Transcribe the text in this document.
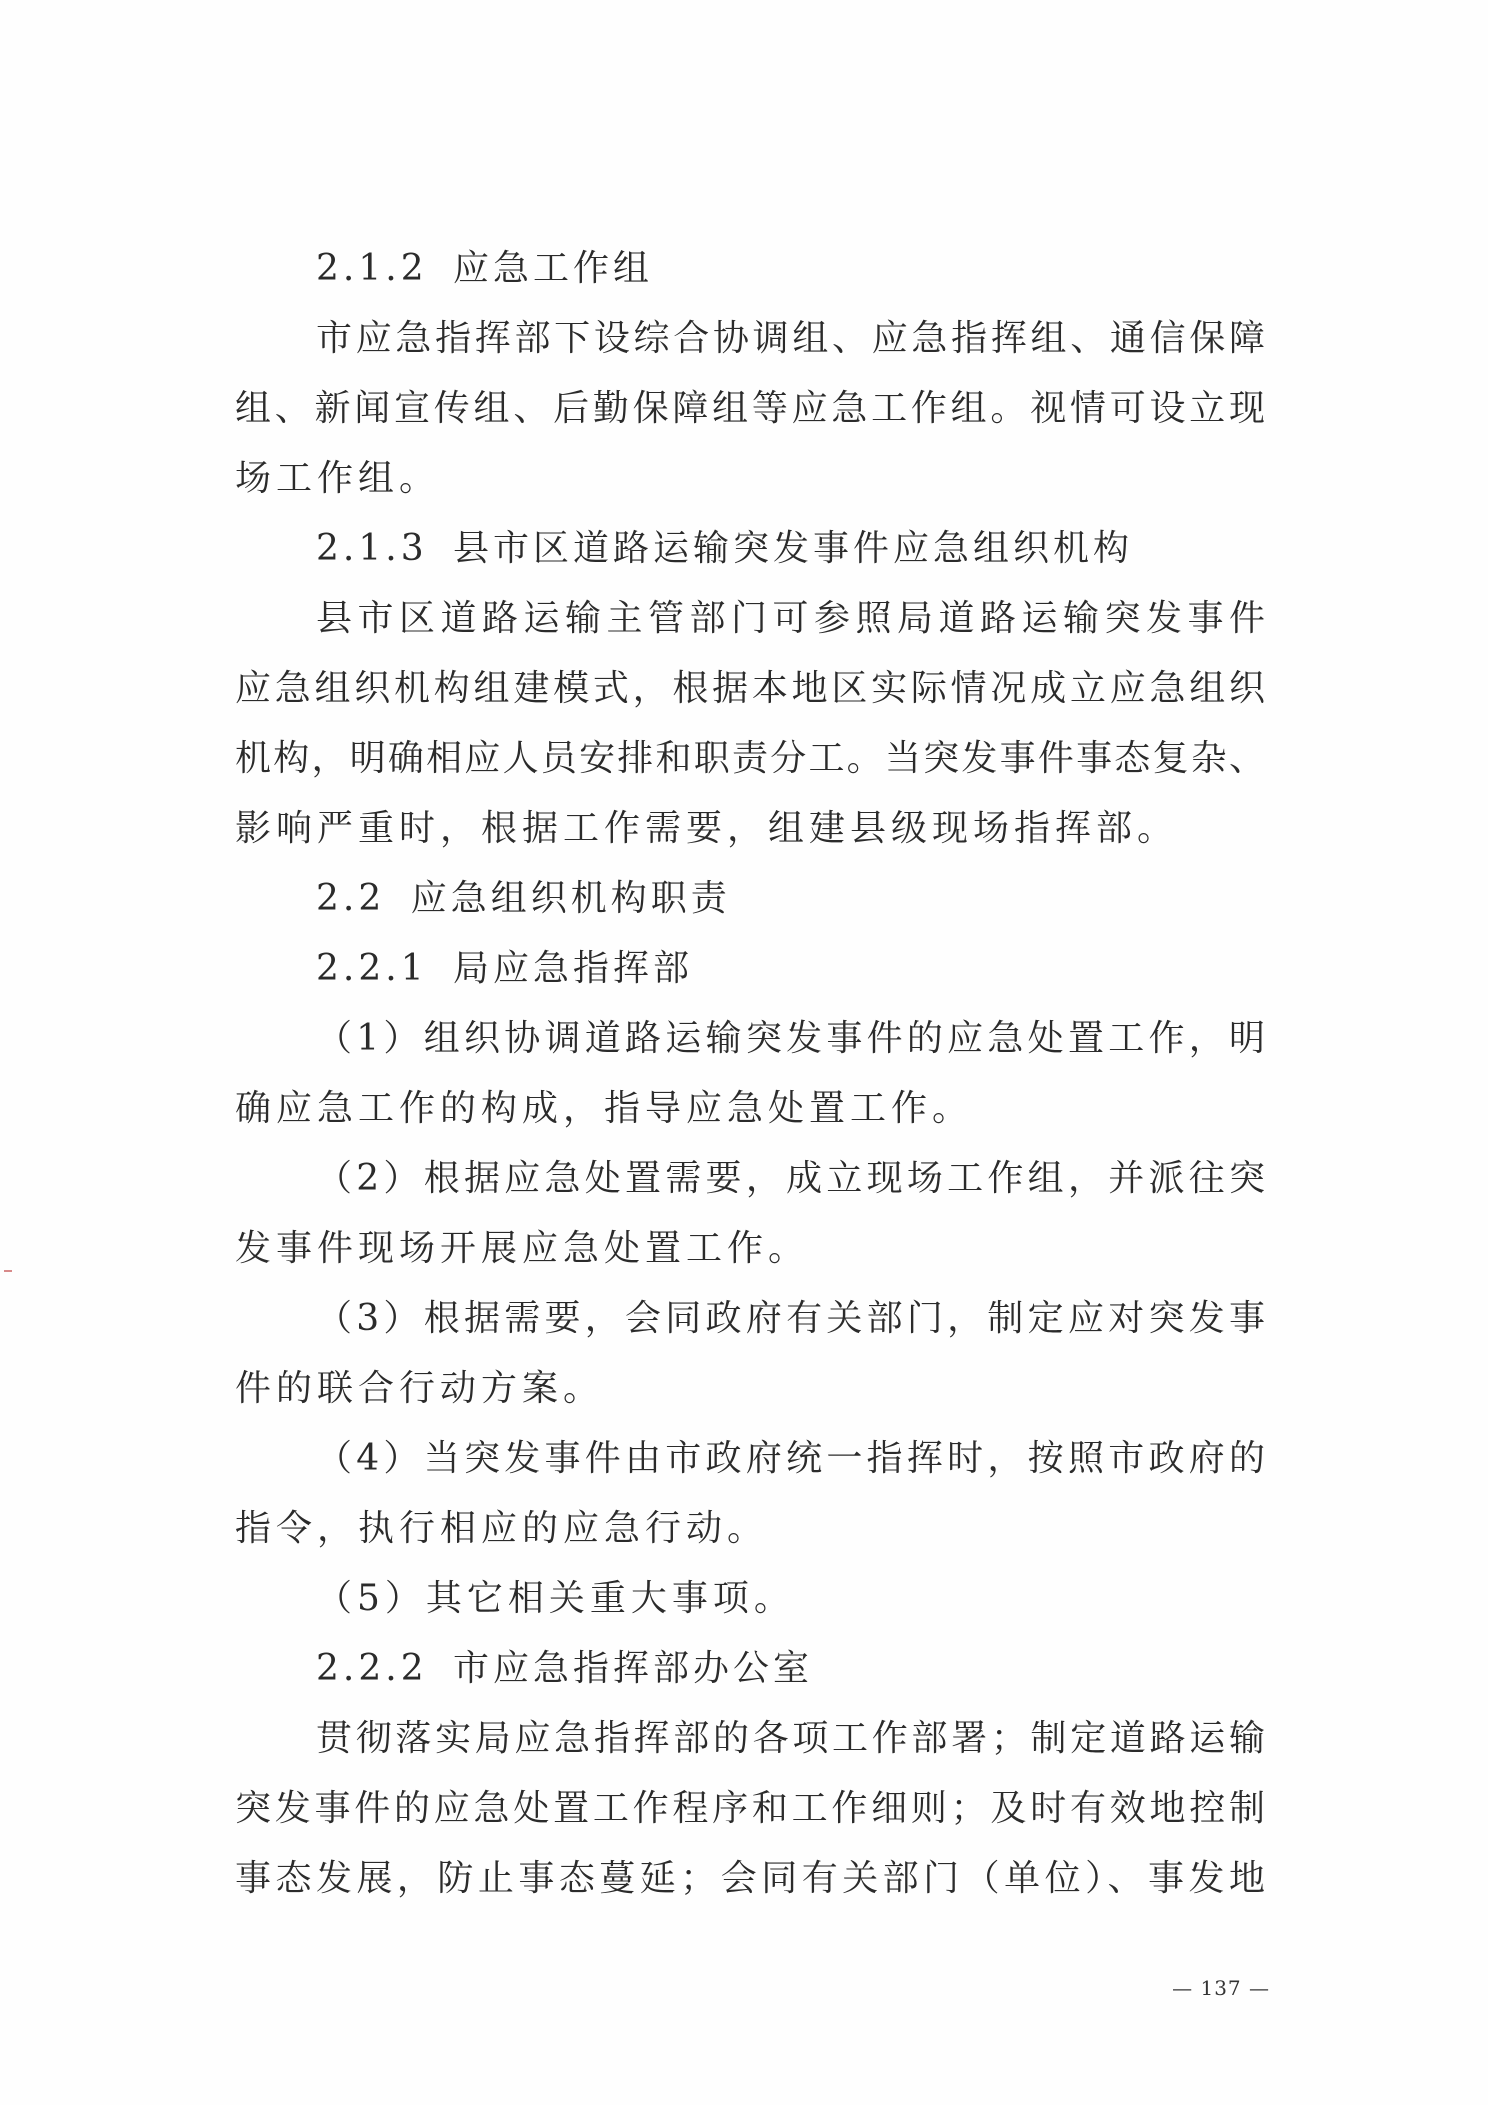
2.1.2 应急工作组
市应急指挥部下设综合协调组、应急指挥组、通信保障
组、新闻宣传组、后勤保障组等应急工作组。视情可设立现
场工作组。
2.1.3 县市区道路运输突发事件应急组织机构
县市区道路运输主管部门可参照局道路运输突发事件
应急组织机构组建模式，根据本地区实际情况成立应急组织
机构，明确相应人员安排和职责分工。当突发事件事态复杂、
影响严重时，根据工作需要，组建县级现场指挥部。
2.2 应急组织机构职责
2.2.1 局应急指挥部
（1）组织协调道路运输突发事件的应急处置工作，明
确应急工作的构成，指导应急处置工作。
（2）根据应急处置需要，成立现场工作组，并派往突
发事件现场开展应急处置工作。
（3）根据需要，会同政府有关部门，制定应对突发事
件的联合行动方案。
（4）当突发事件由市政府统一指挥时，按照市政府的
指令，执行相应的应急行动。
（5）其它相关重大事项。
2.2.2 市应急指挥部办公室
贯彻落实局应急指挥部的各项工作部署；制定道路运输
突发事件的应急处置工作程序和工作细则；及时有效地控制
事态发展，防止事态蔓延；会同有关部门（单位）、事发地
— 137 —
